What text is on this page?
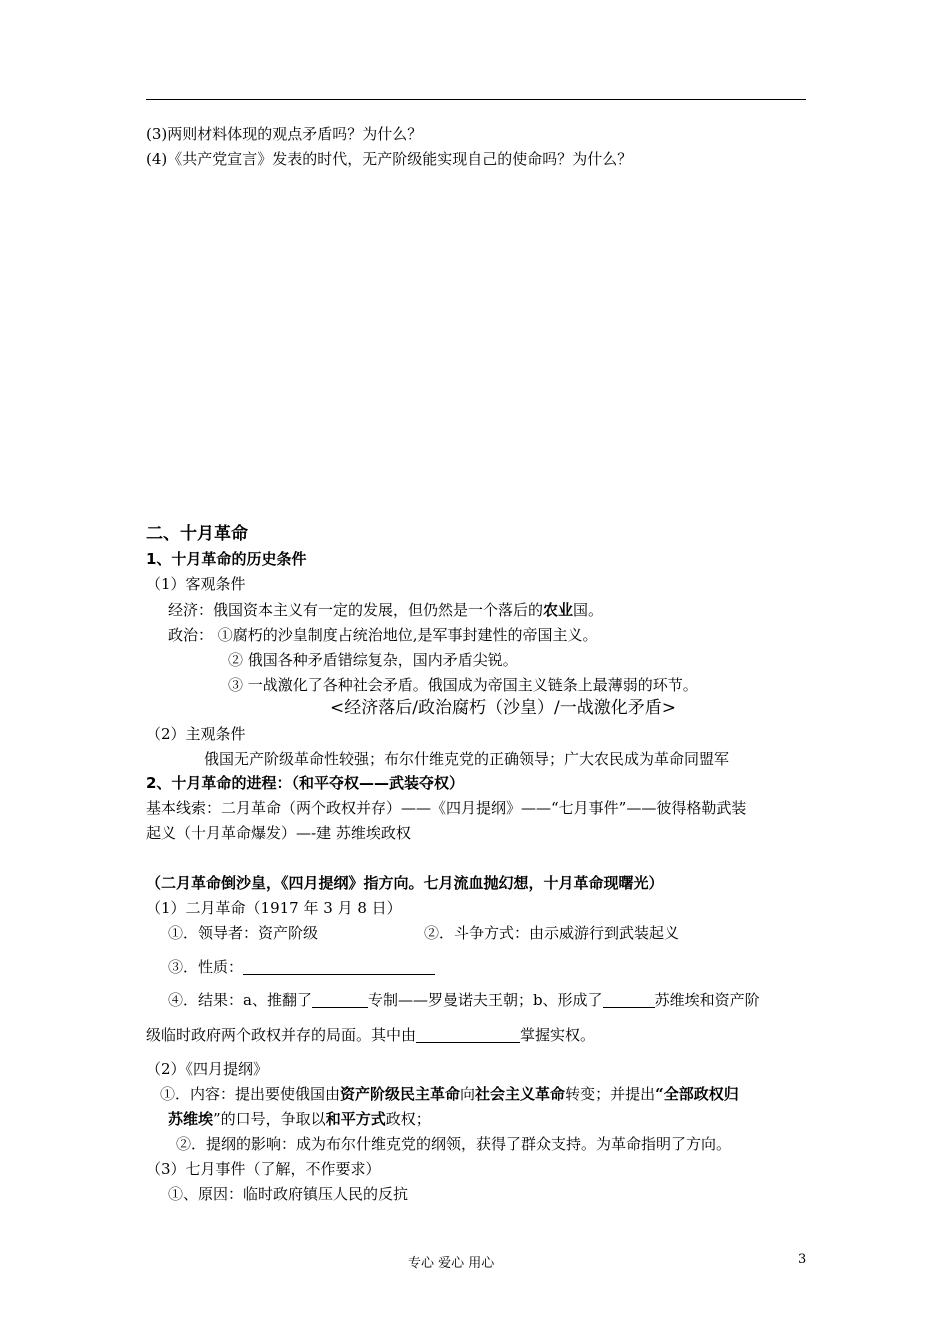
(3)两则材料体现的观点矛盾吗？为什么？
(4)《共产党宣言》发表的时代，无产阶级能实现自己的使命吗？为什么？
二、十月革命
1、十月革命的历史条件
（1）客观条件
经济：俄国资本主义有一定的发展，但仍然是一个落后的农业国。
政治： ①腐朽的沙皇制度占统治地位,是军事封建性的帝国主义。
② 俄国各种矛盾错综复杂，国内矛盾尖锐。
③ 一战激化了各种社会矛盾。俄国成为帝国主义链条上最薄弱的环节。
<经济落后/政治腐朽（沙皇）/一战激化矛盾>
（2）主观条件
俄国无产阶级革命性较强；布尔什维克党的正确领导；广大农民成为革命同盟军
2、十月革命的进程：（和平夺权——武装夺权）
基本线索：二月革命（两个政权并存）——《四月提纲》——“七月事件”——彼得格勒武装
起义（十月革命爆发）—-建 苏维埃政权
（二月革命倒沙皇，《四月提纲》指方向。七月流血抛幻想，十月革命现曙光）
（1）二月革命（1917 年 3 月 8 日）
①．领导者：资产阶级	②．斗争方式：由示威游行到武装起义
③．性质：
④．结果：a、推翻了	专制——罗曼诺夫王朝；b、形成了	苏维埃和资产阶
级临时政府两个政权并存的局面。其中由	掌握实权。
（2）《四月提纲》
①．内容：提出要使俄国由资产阶级民主革命向社会主义革命转变；并提出“全部政权归
苏维埃”的口号，争取以和平方式政权；
②．提纲的影响：成为布尔什维克党的纲领，获得了群众支持。为革命指明了方向。
（3）七月事件（了解，不作要求）
①、原因：临时政府镇压人民的反抗
专心 爱心 用心	3
